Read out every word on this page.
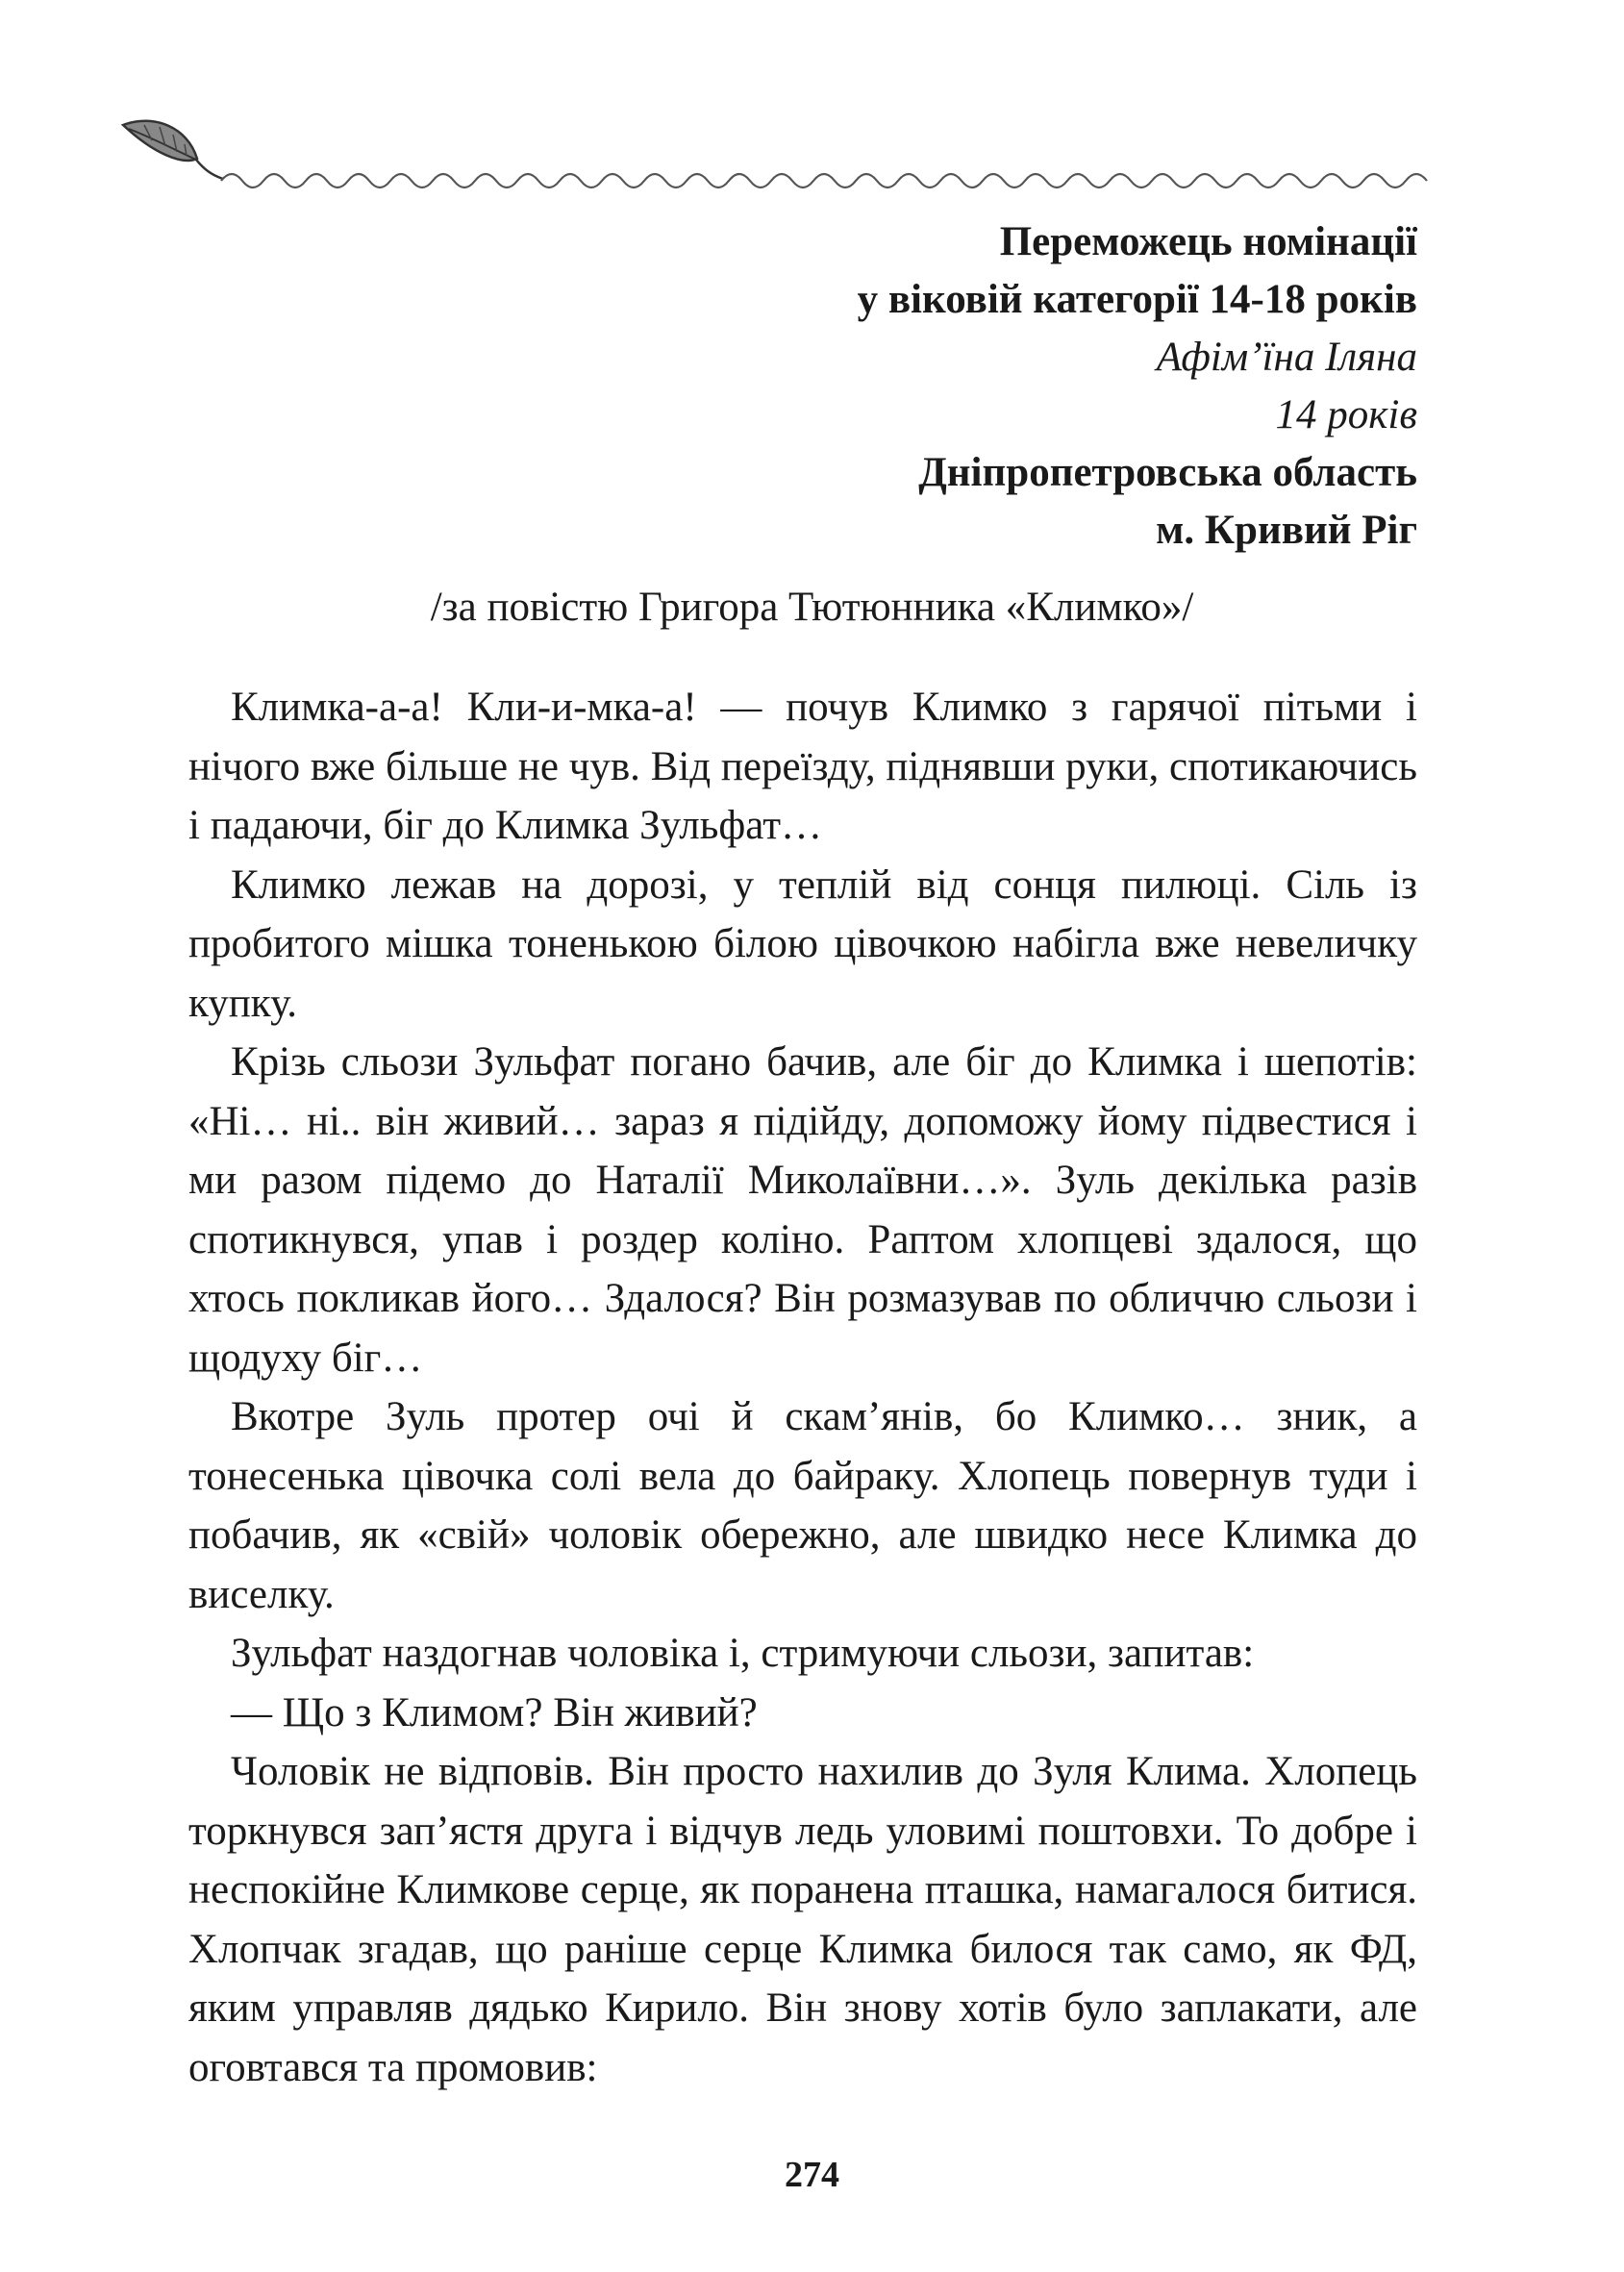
Переможець номінації
у віковій категорії 14-18 років
Афім’їна Іляна
14 років
Дніпропетровська область
м. Кривий Ріг
/за повістю Григора Тютюнника «Климко»/

Климка-а-а! Кли-и-мка-а! — почув Климко з гарячої пітьми і нічого вже більше не чув. Від переїзду, піднявши руки, спотикаючись і падаючи, біг до Климка Зульфат…

Климко лежав на дорозі, у теплій від сонця пилюці. Сіль із пробитого мішка тоненькою білою цівочкою набігла вже невеличку купку.

Крізь сльози Зульфат погано бачив, але біг до Климка і шепотів: «Ні… ні.. він живий… зараз я підійду, допоможу йому підвестися і ми разом підемо до Наталії Миколаївни…». Зуль декілька разів спотикнувся, упав і роздер коліно. Раптом хлопцеві здалося, що хтось покликав його… Здалося? Він розмазував по обличчю сльози і щодуху біг…

Вкотре Зуль протер очі й скам’янів, бо Климко… зник, а тонесенька цівочка солі вела до байраку. Хлопець повернув туди і побачив, як «свій» чоловік обережно, але швидко несе Климка до виселку.

Зульфат наздогнав чоловіка і, стримуючи сльози, запитав:

— Що з Климом? Він живий?

Чоловік не відповів. Він просто нахилив до Зуля Клима. Хлопець торкнувся зап’ястя друга і відчув ледь уловимі поштовхи. То добре і неспокійне Климкове серце, як поранена пташка, намагалося битися. Хлопчак згадав, що раніше серце Климка билося так само, як ФД, яким управляв дядько Кирило. Він знову хотів було заплакати, але оговтався та промовив:

274
